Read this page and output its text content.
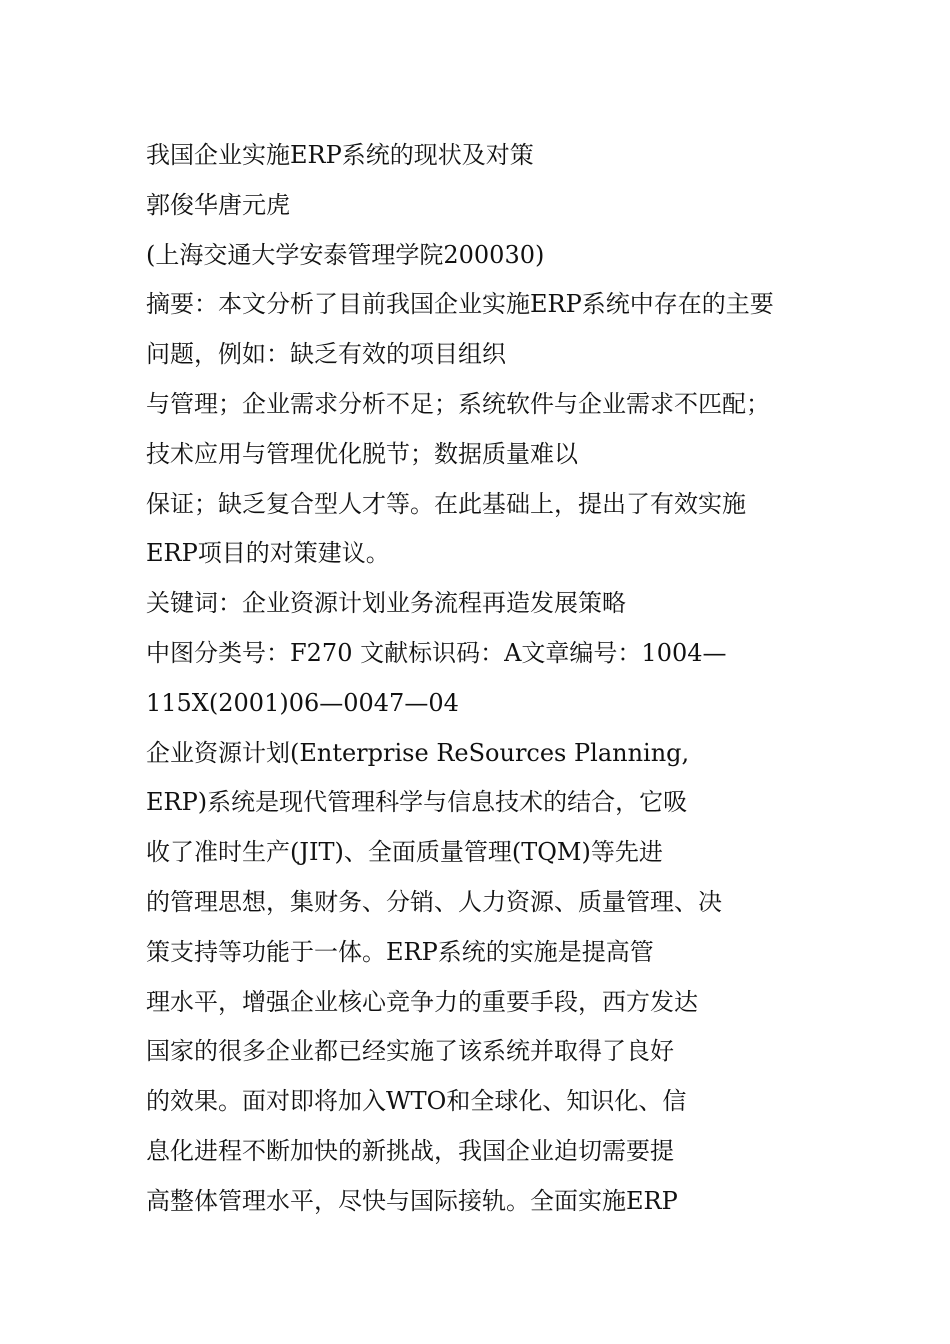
我国企业实施ERP系统的现状及对策
郭俊华唐元虎
(上海交通大学安泰管理学院200030)
摘要：本文分析了目前我国企业实施ERP系统中存在的主要
问题，例如：缺乏有效的项目组织
与管理；企业需求分析不足；系统软件与企业需求不匹配；
技术应用与管理优化脱节；数据质量难以
保证；缺乏复合型人才等。在此基础上，提出了有效实施
ERP项目的对策建议。
关键词：企业资源计划业务流程再造发展策略
中图分类号：F270 文献标识码：A文章编号：1004—
115X(2001)06—0047—04
企业资源计划(Enterprise ReSources Planning,
ERP)系统是现代管理科学与信息技术的结合，它吸
收了准时生产(JIT)、全面质量管理(TQM)等先进
的管理思想，集财务、分销、人力资源、质量管理、决
策支持等功能于一体。ERP系统的实施是提高管
理水平，增强企业核心竞争力的重要手段，西方发达
国家的很多企业都已经实施了该系统并取得了良好
的效果。面对即将加入WTO和全球化、知识化、信
息化进程不断加快的新挑战，我国企业迫切需要提
高整体管理水平，尽快与国际接轨。全面实施ERP
